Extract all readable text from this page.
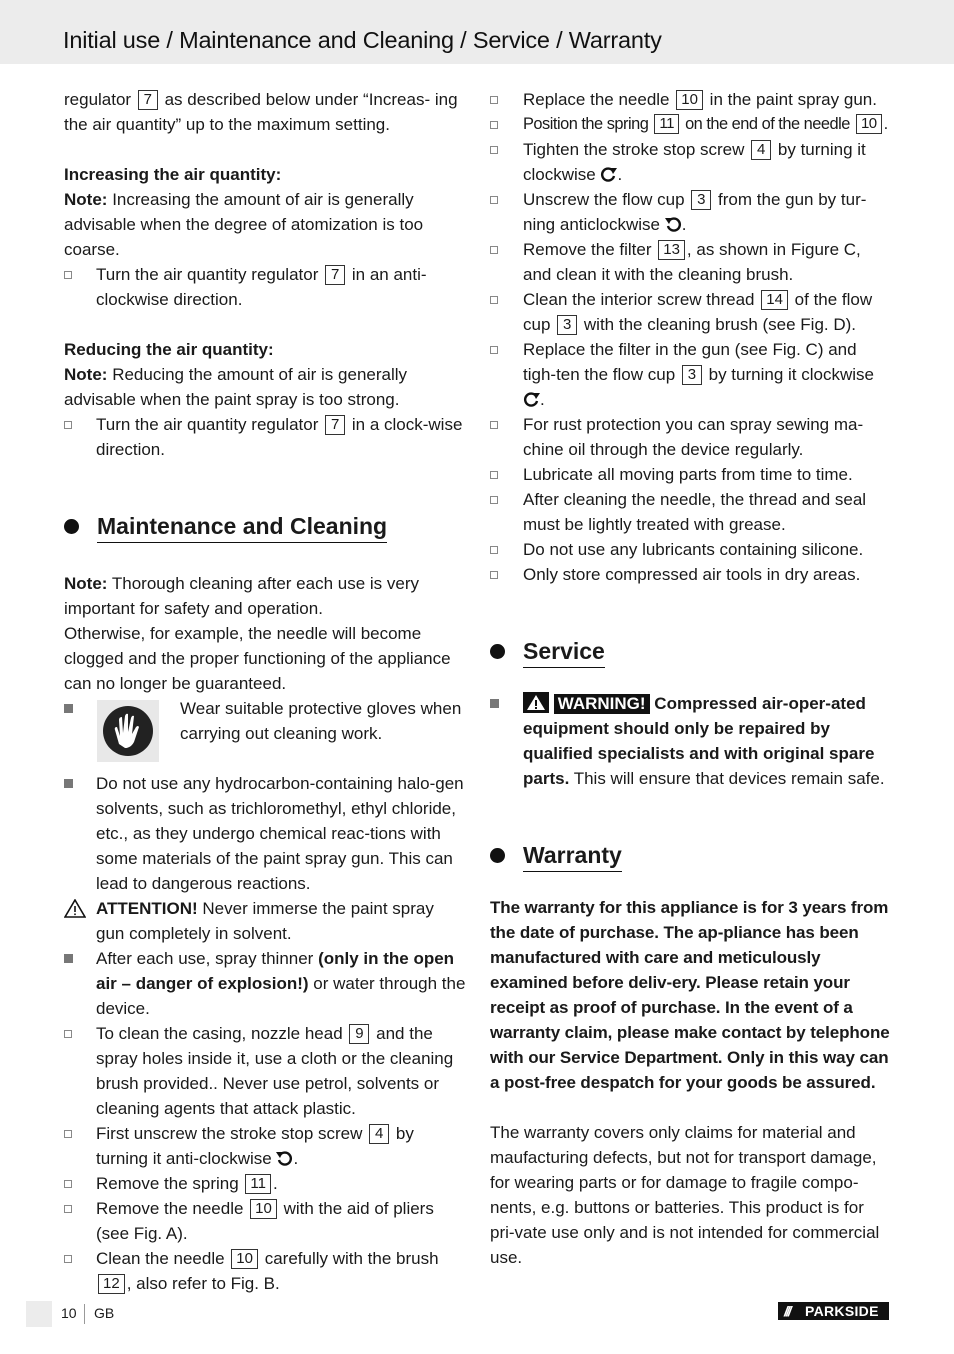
Initial use / Maintenance and Cleaning / Service / Warranty

regulator 7 as described below under “Increas- ing the air quantity” up to the maximum setting.

Increasing the air quantity:

Note: Increasing the amount of air is generally advisable when the degree of atomization is too coarse.

Turn the air quantity regulator 7 in an anti-clockwise direction.

Reducing the air quantity:

Note: Reducing the amount of air is generally advisable when the paint spray is too strong.

Turn the air quantity regulator 7 in a clock-wise direction.
Maintenance and Cleaning

Note: Thorough cleaning after each use is very important for safety and operation.

Otherwise, for example, the needle will become clogged and the proper functioning of the appliance can no longer be guaranteed.

Wear suitable protective gloves when carrying out cleaning work.
Do not use any hydrocarbon-containing halo-gen solvents, such as trichloromethyl, ethyl chloride, etc., as they undergo chemical reac-tions with some materials of the paint spray gun. This can lead to dangerous reactions.
ATTENTION! Never immerse the paint spray gun completely in solvent.
After each use, spray thinner (only in the open air – danger of explosion!) or water through the device.
To clean the casing, nozzle head 9 and the spray holes inside it, use a cloth or the cleaning brush provided.. Never use petrol, solvents or cleaning agents that attack plastic.
First unscrew the stroke stop screw 4 by turning it anti-clockwise .
Remove the spring 11 .
Remove the needle 10 with the aid of pliers (see Fig. A).
Clean the needle 10 carefully with the brush 12 , also refer to Fig. B.
Replace the needle 10 in the paint spray gun.
Position the spring 11 on the end of the needle 10 .
Tighten the stroke stop screw 4 by turning it clockwise .
Unscrew the flow cup 3 from the gun by tur-ning anticlockwise .
Remove the filter 13 , as shown in Figure C, and clean it with the cleaning brush.
Clean the interior screw thread 14 of the flow cup 3 with the cleaning brush (see Fig. D).
Replace the filter in the gun (see Fig. C) and tigh-ten the flow cup 3 by turning it clockwise .
For rust protection you can spray sewing ma-chine oil through the device regularly.
Lubricate all moving parts from time to time.
After cleaning the needle, the thread and seal must be lightly treated with grease.
Do not use any lubricants containing silicone.
Only store compressed air tools in dry areas.
Service
WARNING! Compressed air-oper-ated equipment should only be repaired by qualified specialists and with original spare parts. This will ensure that devices remain safe.
Warranty

The warranty for this appliance is for 3 years from the date of purchase. The ap-pliance has been manufactured with care and meticulously examined before deliv-ery. Please retain your receipt as proof of purchase. In the event of a warranty claim, please make contact by telephone with our Service Department. Only in this way can a post-free despatch for your goods be assured.

The warranty covers only claims for material and maufacturing defects, but not for transport damage, for wearing parts or for damage to fragile compo-nents, e.g. buttons or batteries. This product is for pri-vate use only and is not intended for commercial use.

10 GB	/// PARKSIDE
